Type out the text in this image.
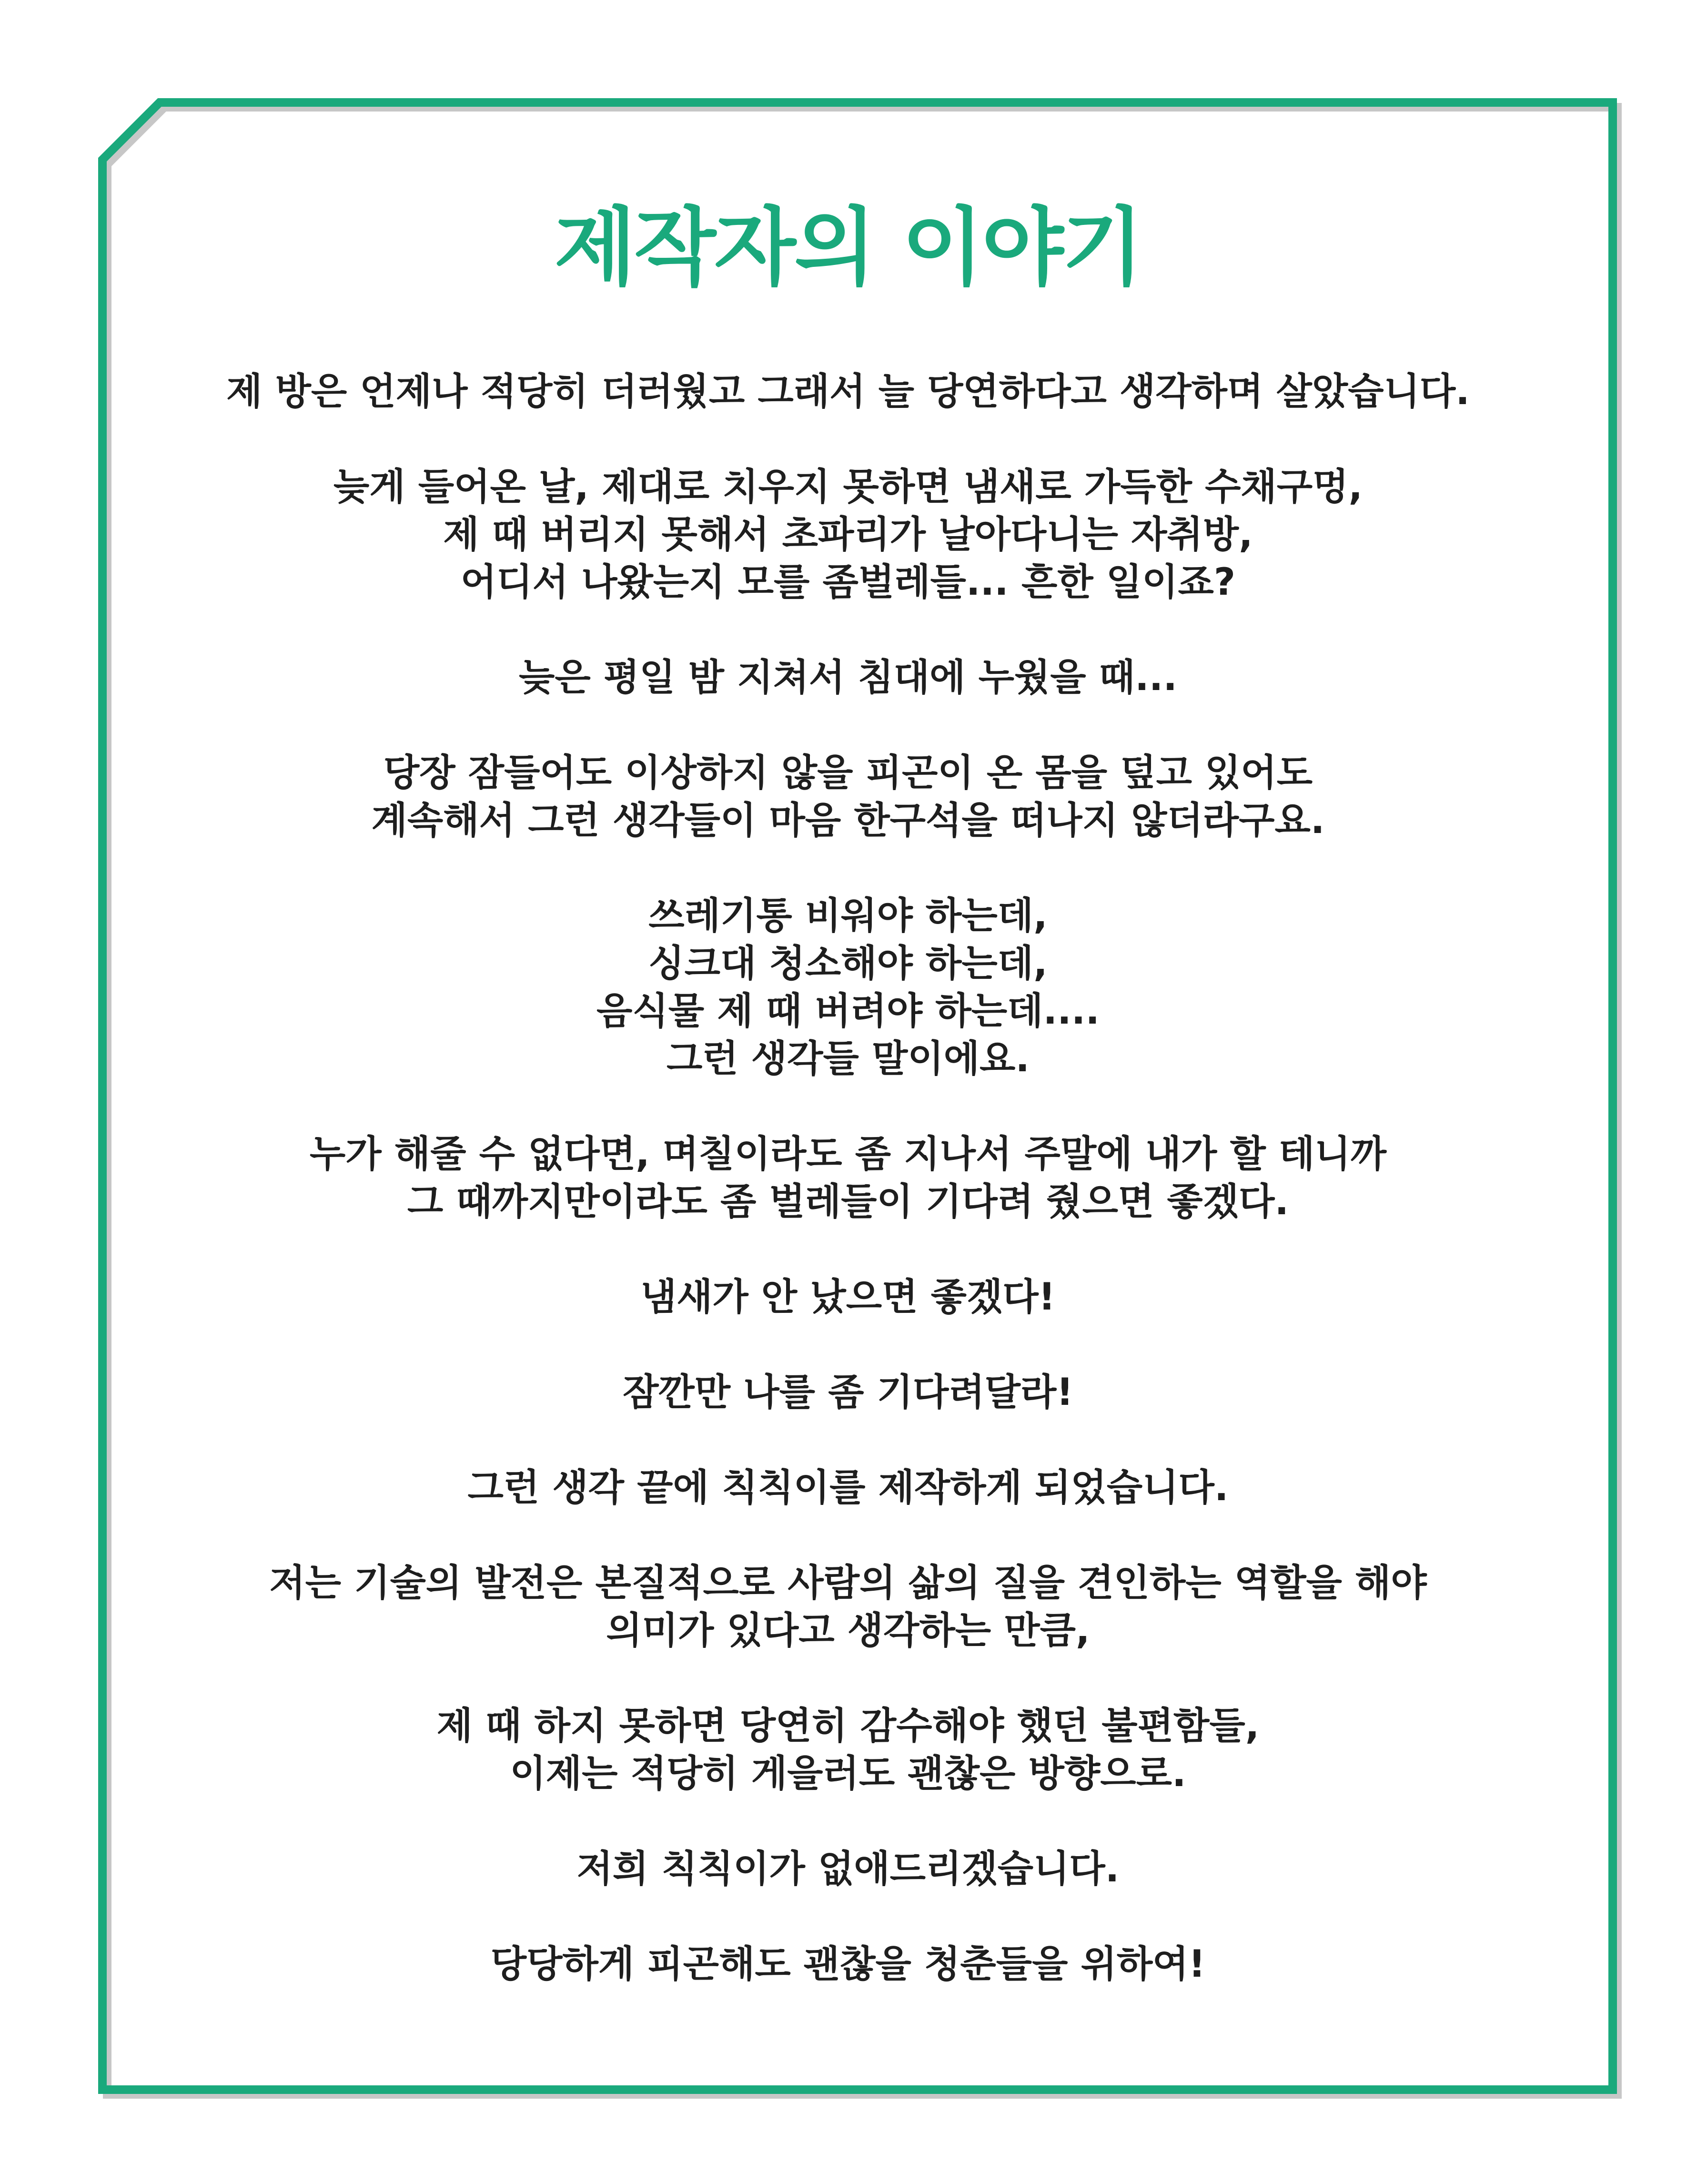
제작자의 이야기

제 방은 언제나 적당히 더러웠고 그래서 늘 당연하다고 생각하며 살았습니다.

늦게 들어온 날, 제대로 치우지 못하면 냄새로 가득한 수채구멍,
제 때 버리지 못해서 초파리가 날아다니는 자취방,
어디서 나왔는지 모를 좀벌레들... 흔한 일이죠?

늦은 평일 밤 지쳐서 침대에 누웠을 때...

당장 잠들어도 이상하지 않을 피곤이 온 몸을 덮고 있어도
계속해서 그런 생각들이 마음 한구석을 떠나지 않더라구요.

쓰레기통 비워야 하는데,
싱크대 청소해야 하는데,
음식물 제 때 버려야 하는데....
그런 생각들 말이에요.

누가 해줄 수 없다면, 며칠이라도 좀 지나서 주말에 내가 할 테니까
그 때까지만이라도 좀 벌레들이 기다려 줬으면 좋겠다.

냄새가 안 났으면 좋겠다!

잠깐만 나를 좀 기다려달라!

그런 생각 끝에 칙칙이를 제작하게 되었습니다.

저는 기술의 발전은 본질적으로 사람의 삶의 질을 견인하는 역할을 해야
의미가 있다고 생각하는 만큼,

제 때 하지 못하면 당연히 감수해야 했던 불편함들,
이제는 적당히 게을러도 괜찮은 방향으로.

저희 칙칙이가 없애드리겠습니다.

당당하게 피곤해도 괜찮을 청춘들을 위하여!
